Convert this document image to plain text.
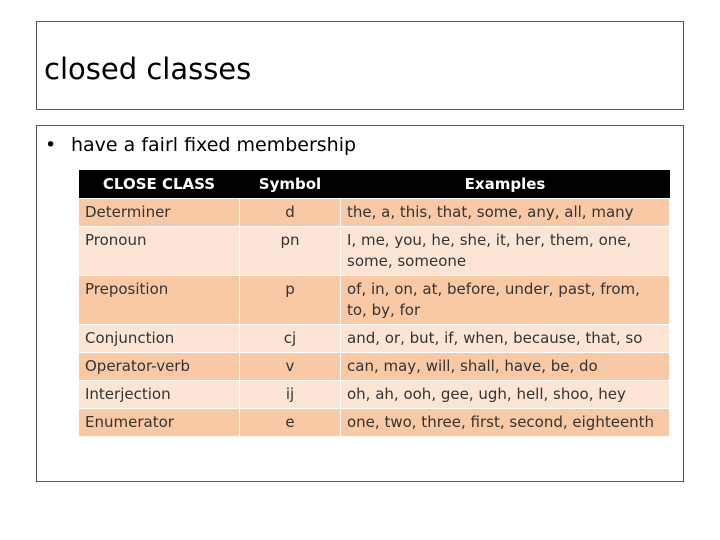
closed classes
• have a fairl fixed membership
CLOSE CLASS	Symbol	Examples
Determiner	d	the, a, this, that, some, any, all, many
Pronoun	pn	I, me, you, he, she, it, her, them, one, some, someone
Preposition	p	of, in, on, at, before, under, past, from, to, by, for
Conjunction	cj	and, or, but, if, when, because, that, so
Operator-verb	v	can, may, will, shall, have, be, do
Interjection	ij	oh, ah, ooh, gee, ugh, hell, shoo, hey
Enumerator	e	one, two, three, first, second, eighteenth
